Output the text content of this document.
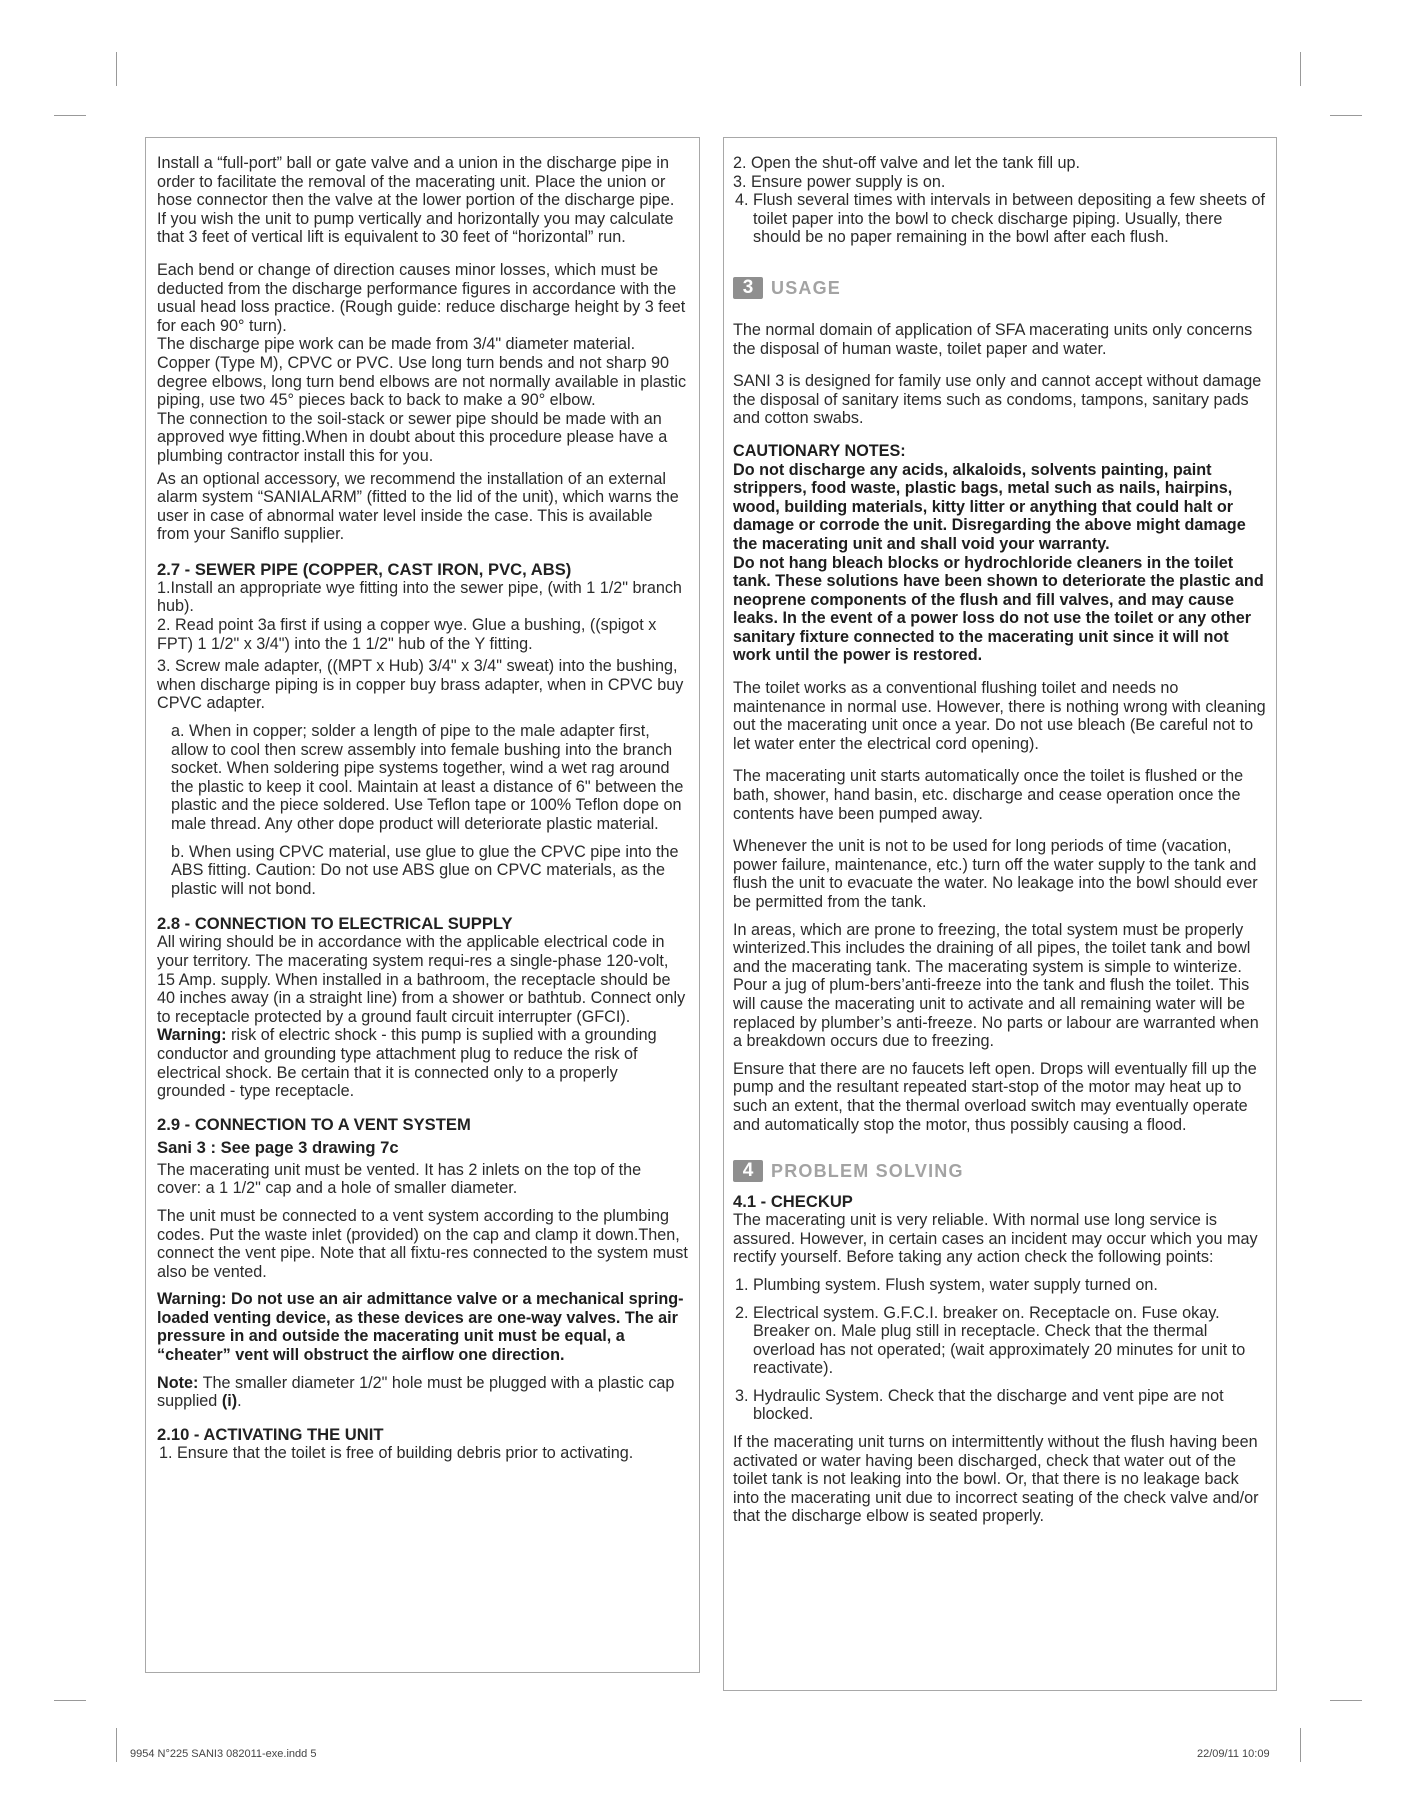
Install a “full-port” ball or gate valve and a union in the discharge pipe in order to facilitate the removal of the macerating unit. Place the union or hose connector then the valve at the lower portion of the discharge pipe.

If you wish the unit to pump vertically and horizontally you may calculate that 3 feet of vertical lift is equivalent to 30 feet of “horizontal” run.

Each bend or change of direction causes minor losses, which must be deducted from the discharge performance figures in accordance with the usual head loss practice. (Rough guide: reduce discharge height by 3 feet for each 90° turn).

The discharge pipe work can be made from 3/4" diameter material. Copper (Type M), CPVC or PVC. Use long turn bends and not sharp 90 degree elbows, long turn bend elbows are not normally available in plastic piping, use two 45° pieces back to back to make a 90° elbow.

The connection to the soil-stack or sewer pipe should be made with an approved wye fitting.When in doubt about this procedure please have a plumbing contractor install this for you.

As an optional accessory, we recommend the installation of an external alarm system “SANIALARM” (fitted to the lid of the unit), which warns the user in case of abnormal water level inside the case. This is available from your Saniflo supplier.

2.7 - SEWER PIPE (COPPER, CAST IRON, PVC, ABS)

1.Install an appropriate wye fitting into the sewer pipe, (with 1 1/2" branch hub).

2. Read point 3a first if using a copper wye. Glue a bushing, ((spigot x FPT) 1 1/2" x 3/4") into the 1 1/2" hub of the Y fitting.

3. Screw male adapter, ((MPT x Hub) 3/4" x 3/4" sweat) into the bushing, when discharge piping is in copper buy brass adapter, when in CPVC buy CPVC adapter.

a. When in copper; solder a length of pipe to the male adapter first, allow to cool then screw assembly into female bushing into the branch socket. When soldering pipe systems together, wind a wet rag around the plastic to keep it cool. Maintain at least a distance of 6" between the plastic and the piece soldered. Use Teflon tape or 100% Teflon dope on male thread. Any other dope product will deteriorate plastic material.

b. When using CPVC material, use glue to glue the CPVC pipe into the ABS fitting. Caution: Do not use ABS glue on CPVC materials, as the plastic will not bond.

2.8 - CONNECTION TO ELECTRICAL SUPPLY

All wiring should be in accordance with the applicable electrical code in your territory. The macerating system requi-res a single-phase 120-volt, 15 Amp. supply. When installed in a bathroom, the receptacle should be 40 inches away (in a straight line) from a shower or bathtub. Connect only to receptacle protected by a ground fault circuit interrupter (GFCI).

Warning: risk of electric shock - this pump is suplied with a grounding conductor and grounding type attachment plug to reduce the risk of electrical shock. Be certain that it is connected only to a properly grounded - type receptacle.

2.9 - CONNECTION TO A VENT SYSTEM
Sani 3 : See page 3 drawing 7c

The macerating unit must be vented. It has 2 inlets on the top of the cover: a 1 1/2" cap and a hole of smaller diameter.

The unit must be connected to a vent system according to the plumbing codes. Put the waste inlet (provided) on the cap and clamp it down.Then, connect the vent pipe. Note that all fixtu-res connected to the system must also be vented.

Warning: Do not use an air admittance valve or a mechanical spring-loaded venting device, as these devices are one-way valves. The air pressure in and outside the macerating unit must be equal, a “cheater” vent will obstruct the airflow one direction.

Note: The smaller diameter 1/2" hole must be plugged with a plastic cap supplied (i).

2.10 - ACTIVATING THE UNIT

1. Ensure that the toilet is free of building debris prior to activating.

2. Open the shut-off valve and let the tank fill up.

3. Ensure power supply is on.

4. Flush several times with intervals in between depositing a few sheets of toilet paper into the bowl to check discharge piping. Usually, there should be no paper remaining in the bowl after each flush.

3 USAGE

The normal domain of application of SFA macerating units only concerns the disposal of human waste, toilet paper and water.

SANI 3 is designed for family use only and cannot accept without damage the disposal of sanitary items such as condoms, tampons, sanitary pads and cotton swabs.

CAUTIONARY NOTES:

Do not discharge any acids, alkaloids, solvents painting, paint strippers, food waste, plastic bags, metal such as nails, hairpins, wood, building materials, kitty litter or anything that could halt or damage or corrode the unit. Disregarding the above might damage the macerating unit and shall void your warranty.

Do not hang bleach blocks or hydrochloride cleaners in the toilet tank. These solutions have been shown to deteriorate the plastic and neoprene components of the flush and fill valves, and may cause leaks. In the event of a power loss do not use the toilet or any other sanitary fixture connected to the macerating unit since it will not work until the power is restored.

The toilet works as a conventional flushing toilet and needs no maintenance in normal use. However, there is nothing wrong with cleaning out the macerating unit once a year. Do not use bleach (Be careful not to let water enter the electrical cord opening).

The macerating unit starts automatically once the toilet is flushed or the bath, shower, hand basin, etc. discharge and cease operation once the contents have been pumped away.

Whenever the unit is not to be used for long periods of time (vacation, power failure, maintenance, etc.) turn off the water supply to the tank and flush the unit to evacuate the water. No leakage into the bowl should ever be permitted from the tank.

In areas, which are prone to freezing, the total system must be properly winterized.This includes the draining of all pipes, the toilet tank and bowl and the macerating tank. The macerating system is simple to winterize. Pour a jug of plum-bers’anti-freeze into the tank and flush the toilet. This will cause the macerating unit to activate and all remaining water will be replaced by plumber’s anti-freeze. No parts or labour are warranted when a breakdown occurs due to freezing.

Ensure that there are no faucets left open. Drops will eventually fill up the pump and the resultant repeated start-stop of the motor may heat up to such an extent, that the thermal overload switch may eventually operate and automatically stop the motor, thus possibly causing a flood.

4 PROBLEM SOLVING
4.1 - CHECKUP

The macerating unit is very reliable. With normal use long service is assured. However, in certain cases an incident may occur which you may rectify yourself. Before taking any action check the following points:

1. Plumbing system. Flush system, water supply turned on.

2. Electrical system. G.F.C.I. breaker on. Receptacle on. Fuse okay. Breaker on. Male plug still in receptacle. Check that the thermal overload has not operated; (wait approximately 20 minutes for unit to reactivate).

3. Hydraulic System. Check that the discharge and vent pipe are not blocked.

If the macerating unit turns on intermittently without the flush having been activated or water having been discharged, check that water out of the toilet tank is not leaking into the bowl. Or, that there is no leakage back into the macerating unit due to incorrect seating of the check valve and/or that the discharge elbow is seated properly.

9954 N°225 SANI3 082011-exe.indd 5	22/09/11 10:09
